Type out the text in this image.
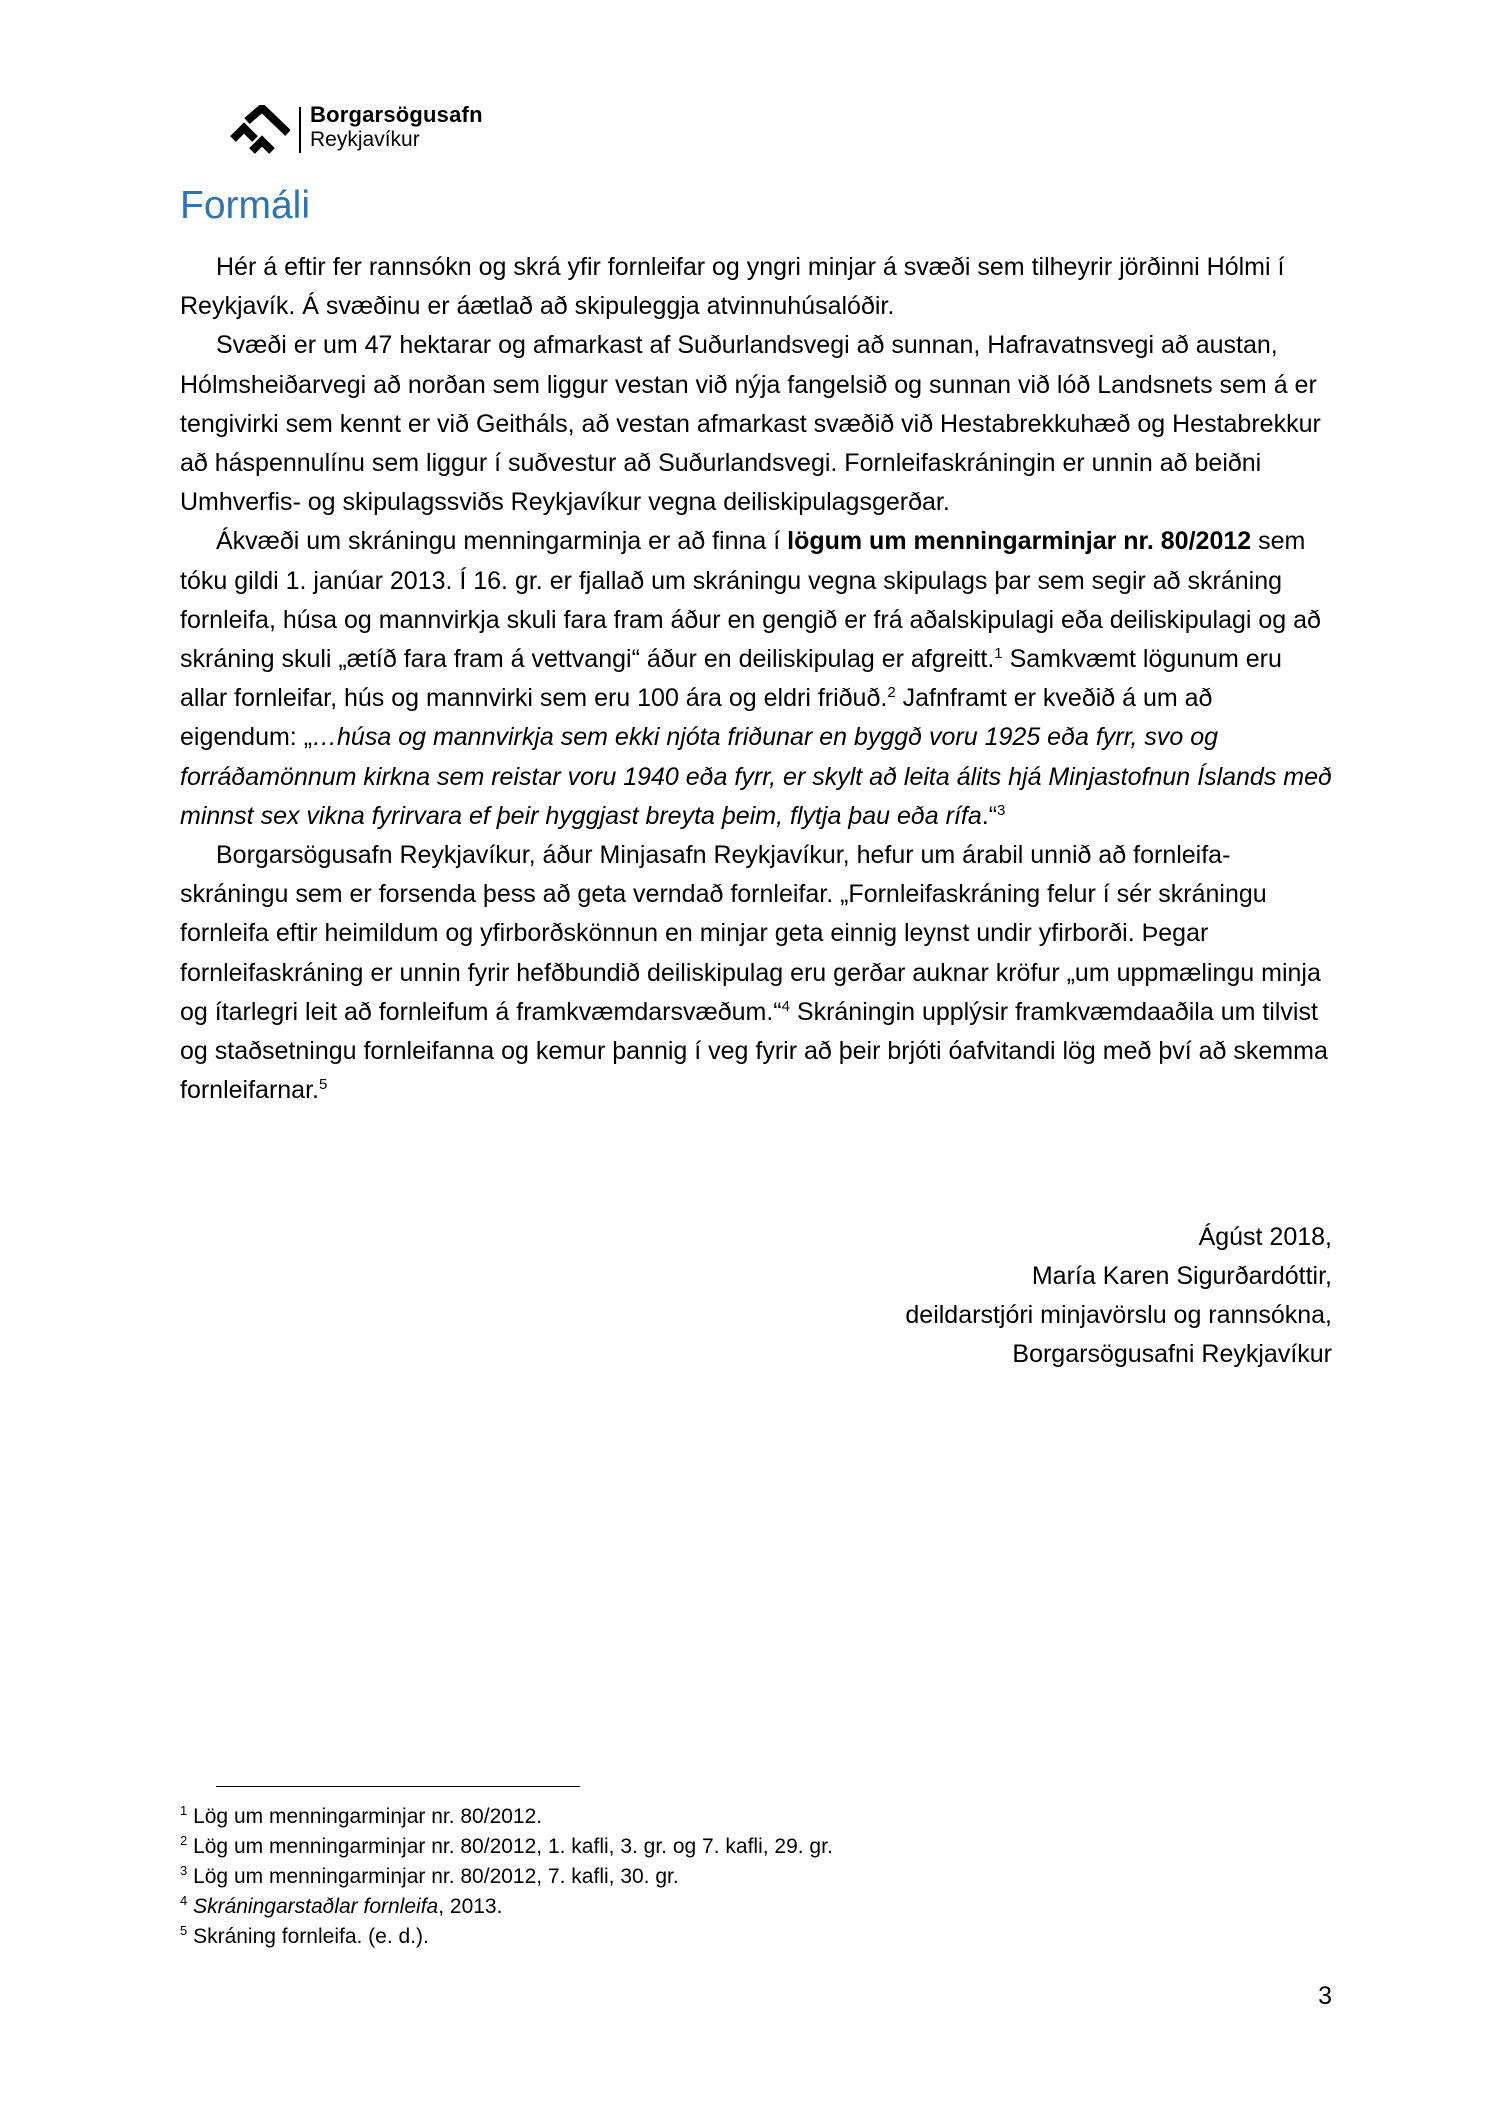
Borgarsögusafn
Reykjavíkur
Formáli

Hér á eftir fer rannsókn og skrá yfir fornleifar og yngri minjar á svæði sem tilheyrir jörðinni Hólmi í Reykjavík. Á svæðinu er áætlað að skipuleggja atvinnuhúsalóðir.

Svæði er um 47 hektarar og afmarkast af Suðurlandsvegi að sunnan, Hafravatnsvegi að austan, Hólmsheiðarvegi að norðan sem liggur vestan við nýja fangelsið og sunnan við lóð Landsnets sem á er tengivirki sem kennt er við Geitháls, að vestan afmarkast svæðið við Hestabrekkuhæð og Hestabrekkur að háspennulínu sem liggur í suðvestur að Suðurlandsvegi. Fornleifaskráningin er unnin að beiðni Umhverfis- og skipulagssviðs Reykjavíkur vegna deiliskipulagsgerðar.

Ákvæði um skráningu menningarminja er að finna í lögum um menningarminjar nr. 80/2012 sem tóku gildi 1. janúar 2013. Í 16. gr. er fjallað um skráningu vegna skipulags þar sem segir að skráning fornleifa, húsa og mannvirkja skuli fara fram áður en gengið er frá aðalskipulagi eða deiliskipulagi og að skráning skuli „ætíð fara fram á vettvangi“ áður en deiliskipulag er afgreitt.$^1$ Samkvæmt lögunum eru allar fornleifar, hús og mannvirki sem eru 100 ára og eldri friðuð.$^2$ Jafnframt er kveðið á um að eigendum: „…húsa og mannvirkja sem ekki njóta friðunar en byggð voru 1925 eða fyrr, svo og forráðamönnum kirkna sem reistar voru 1940 eða fyrr, er skylt að leita álits hjá Minjastofnun Íslands með minnst sex vikna fyrirvara ef þeir hyggjast breyta þeim, flytja þau eða rífa.“$^3$

Borgarsögusafn Reykjavíkur, áður Minjasafn Reykjavíkur, hefur um árabil unnið að fornleifa-skráningu sem er forsenda þess að geta verndað fornleifar. „Fornleifaskráning felur í sér skráningu fornleifa eftir heimildum og yfirborðskönnun en minjar geta einnig leynst undir yfirborði. Þegar fornleifaskráning er unnin fyrir hefðbundið deiliskipulag eru gerðar auknar kröfur „um uppmælingu minja og ítarlegri leit að fornleifum á framkvæmdarsvæðum.“$^4$ Skráningin upplýsir framkvæmdaaðila um tilvist og staðsetningu fornleifanna og kemur þannig í veg fyrir að þeir brjóti óafvitandi lög með því að skemma fornleifarnar.$^5$

Ágúst 2018,
María Karen Sigurðardóttir,
deildarstjóri minjavörslu og rannsókna,
Borgarsögusafni Reykjavíkur
$^1$ Lög um menningarminjar nr. 80/2012.
$^2$ Lög um menningarminjar nr. 80/2012, 1. kafli, 3. gr. og 7. kafli, 29. gr.
$^3$ Lög um menningarminjar nr. 80/2012, 7. kafli, 30. gr.
$^4$ Skráningarstaðlar fornleifa, 2013.
$^5$ Skráning fornleifa. (e. d.).
3
